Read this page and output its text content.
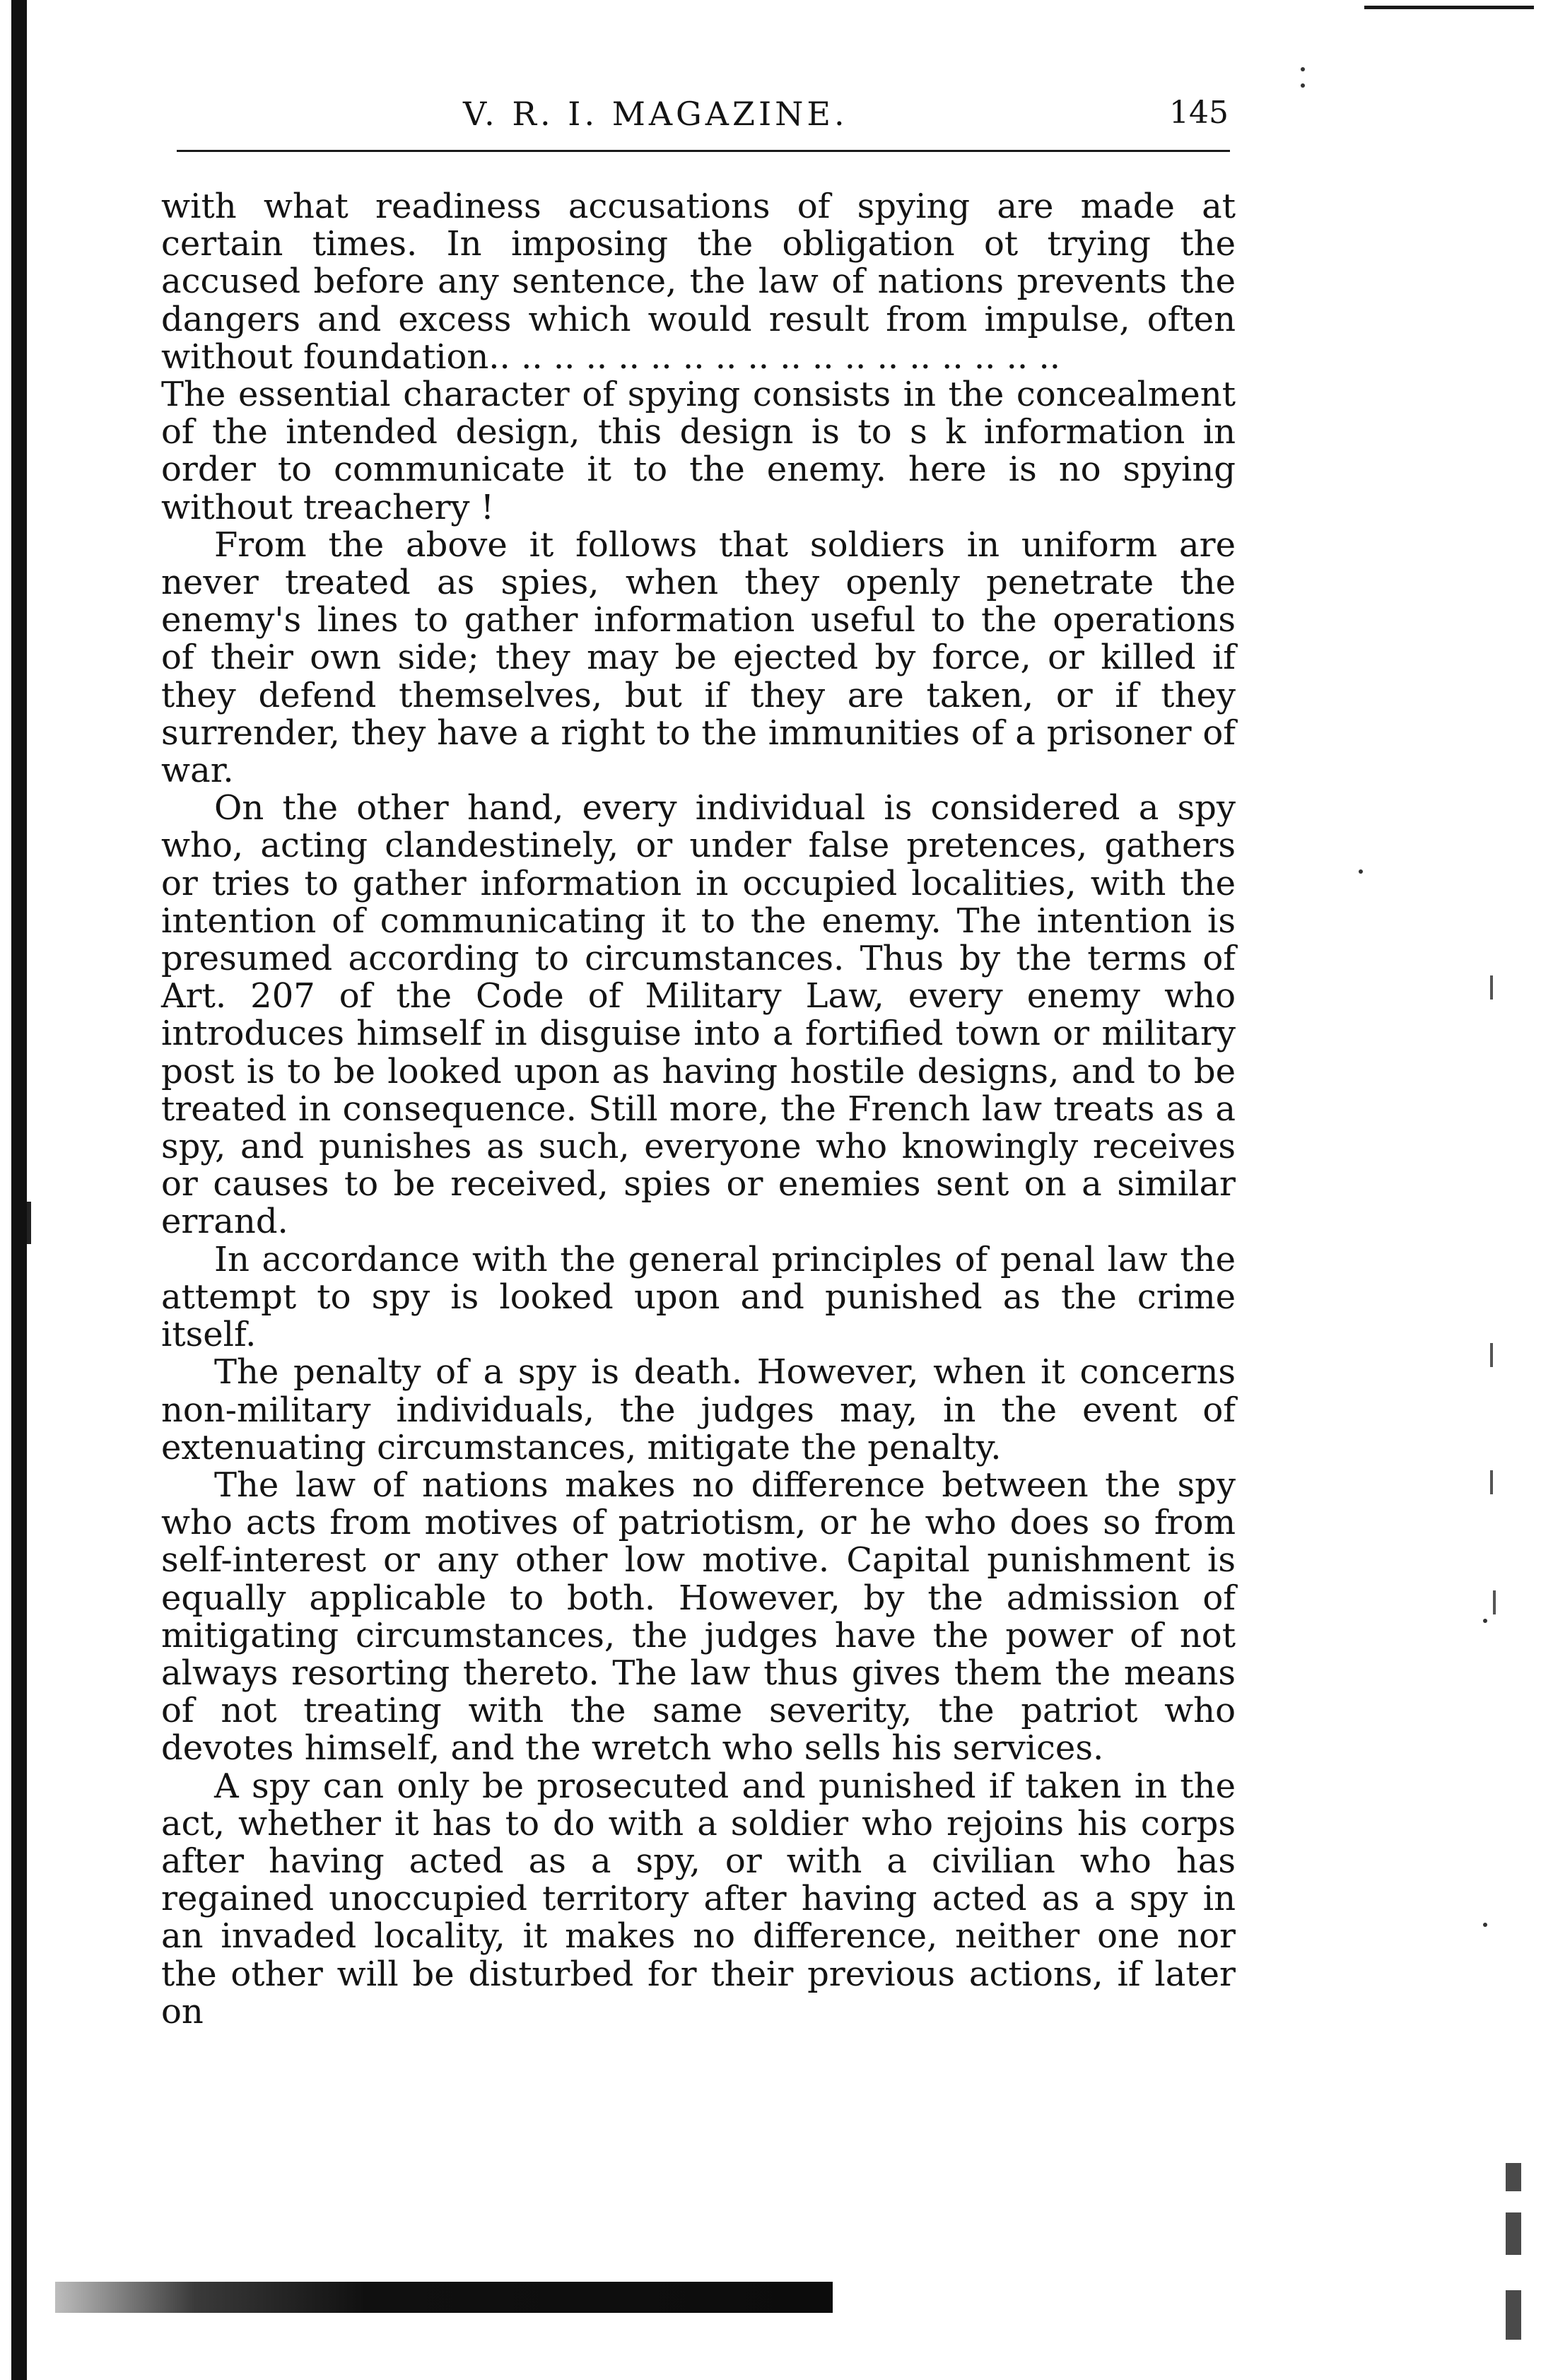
V. R. I. MAGAZINE.	145

with what readiness accusations of spying are made at certain times. In imposing the obligation ot trying the accused before any sentence, the law of nations prevents the dangers and excess which would result from impulse, often without foundation.. .. .. .. .. .. .. .. .. .. .. .. .. .. .. .. .. ..

The essential character of spying consists in the concealment of the intended design, this design is to s k information in order to communicate it to the enemy. here is no spying without treachery !

From the above it follows that soldiers in uniform are never treated as spies, when they openly penetrate the enemy's lines to gather information useful to the operations of their own side; they may be ejected by force, or killed if they defend themselves, but if they are taken, or if they surrender, they have a right to the immunities of a prisoner of war.

On the other hand, every individual is considered a spy who, acting clandestinely, or under false pretences, gathers or tries to gather information in occupied localities, with the intention of communicating it to the enemy. The intention is presumed according to circumstances. Thus by the terms of Art. 207 of the Code of Military Law, every enemy who introduces himself in disguise into a fortified town or military post is to be looked upon as having hostile designs, and to be treated in consequence. Still more, the French law treats as a spy, and punishes as such, everyone who knowingly receives or causes to be received, spies or enemies sent on a similar errand.

In accordance with the general principles of penal law the attempt to spy is looked upon and punished as the crime itself.

The penalty of a spy is death. However, when it concerns non-military individuals, the judges may, in the event of extenuating circumstances, mitigate the penalty.

The law of nations makes no difference between the spy who acts from motives of patriotism, or he who does so from self-interest or any other low motive. Capital punishment is equally applicable to both. However, by the admission of mitigating circumstances, the judges have the power of not always resorting thereto. The law thus gives them the means of not treating with the same severity, the patriot who devotes himself, and the wretch who sells his services.

A spy can only be prosecuted and punished if taken in the act, whether it has to do with a soldier who rejoins his corps after having acted as a spy, or with a civilian who has regained unoccupied territory after having acted as a spy in an invaded locality, it makes no difference, neither one nor the other will be disturbed for their previous actions, if later on
